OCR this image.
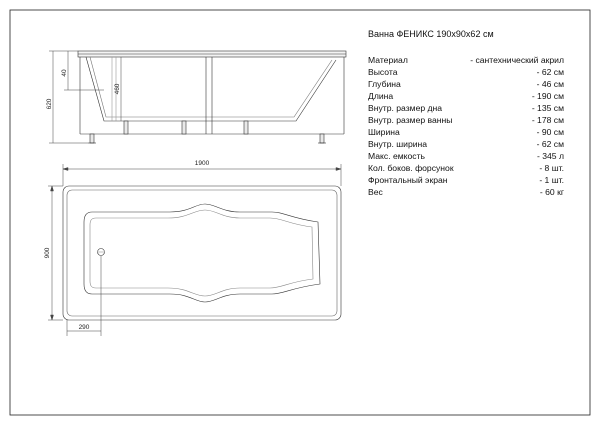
620
40
460
1900
900
290
Ванна ФЕНИКС 190x90x62 см
Материал	- сантехнический акрил
Высота	- 62 см
Глубина	- 46 см
Длина	- 190 см
Внутр. размер дна	- 135 см
Внутр. размер ванны	- 178 см
Ширина	- 90 см
Внутр. ширина	- 62 см
Макс. емкость	- 345 л
Кол. боков. форсунок	- 8 шт.
Фронтальный экран	- 1 шт.
Вес	- 60 кг
